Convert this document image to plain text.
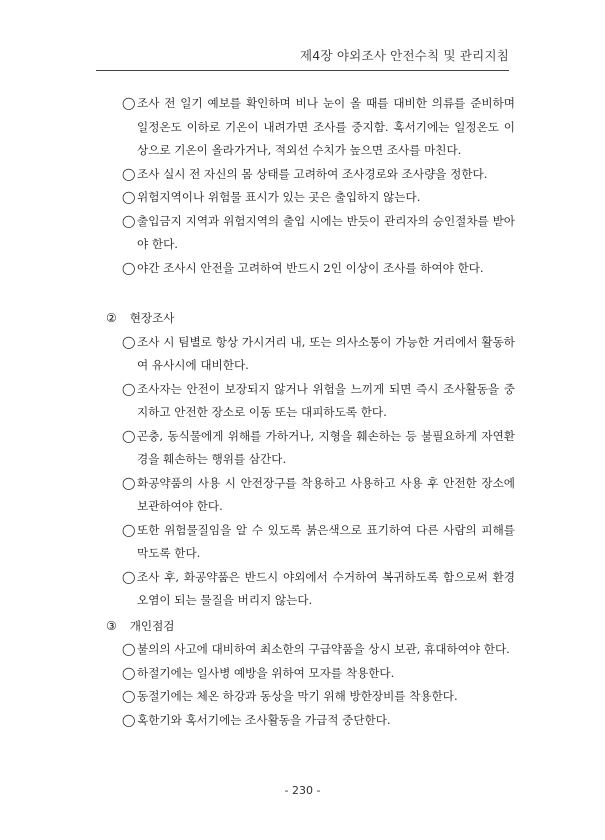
제4장 야외조사 안전수칙 및 관리지침
◯ 조사 전 일기 예보를 확인하며 비나 눈이 올 때를 대비한 의류를 준비하며 일정온도 이하로 기온이 내려가면 조사를 중지함. 혹서기에는 일정온도 이상으로 기온이 올라가거나, 적외선 수치가 높으면 조사를 마친다.
◯ 조사 실시 전 자신의 몸 상태를 고려하여 조사경로와 조사량을 정한다.
◯ 위험지역이나 위험물 표시가 있는 곳은 출입하지 않는다.
◯ 출입금지 지역과 위험지역의 출입 시에는 반듯이 관리자의 승인절차를 받아야 한다.
◯ 야간 조사시 안전을 고려하여 반드시 2인 이상이 조사를 하여야 한다.
② 현장조사
◯ 조사 시 팀별로 항상 가시거리 내, 또는 의사소통이 가능한 거리에서 활동하여 유사시에 대비한다.
◯ 조사자는 안전이 보장되지 않거나 위험을 느끼게 되면 즉시 조사활동을 중지하고 안전한 장소로 이동 또는 대피하도록 한다.
◯ 곤충, 동식물에게 위해를 가하거나, 지형을 훼손하는 등 불필요하게 자연환경을 훼손하는 행위를 삼간다.
◯ 화공약품의 사용 시 안전장구를 착용하고 사용하고 사용 후 안전한 장소에 보관하여야 한다.
◯ 또한 위험물질임을 알 수 있도록 붉은색으로 표기하여 다른 사람의 피해를 막도록 한다.
◯ 조사 후, 화공약품은 반드시 야외에서 수거하여 복귀하도록 함으로써 환경오염이 되는 물질을 버리지 않는다.
③ 개인점검
◯ 불의의 사고에 대비하여 최소한의 구급약품을 상시 보관, 휴대하여야 한다.
◯ 하절기에는 일사병 예방을 위하여 모자를 착용한다.
◯ 동절기에는 체온 하강과 동상을 막기 위해 방한장비를 착용한다.
◯ 혹한기와 혹서기에는 조사활동을 가급적 중단한다.
- 230 -
